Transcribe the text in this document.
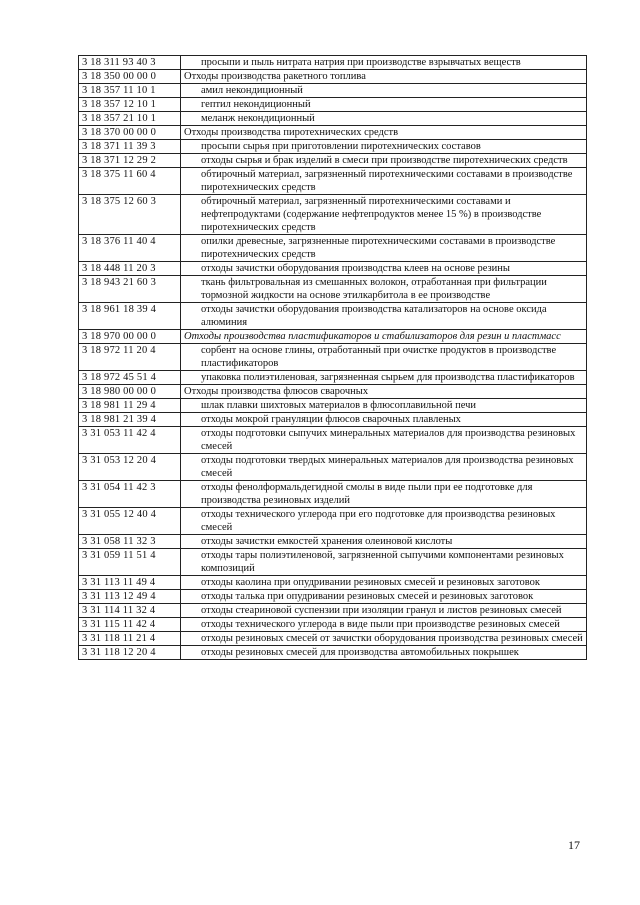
3 18 311 93 40 3	просыпи и пыль нитрата натрия при производстве взрывчатых веществ
3 18 350 00 00 0	Отходы производства ракетного топлива
3 18 357 11 10 1	амил некондиционный
3 18 357 12 10 1	гептил некондиционный
3 18 357 21 10 1	меланж некондиционный
3 18 370 00 00 0	Отходы производства пиротехнических средств
3 18 371 11 39 3	просыпи сырья при приготовлении пиротехнических составов
3 18 371 12 29 2	отходы сырья и брак изделий в смеси при производстве пиротехнических средств
3 18 375 11 60 4	обтирочный материал, загрязненный пиротехническими составами в производстве пиротехнических средств
3 18 375 12 60 3	обтирочный материал, загрязненный пиротехническими составами и нефтепродуктами (содержание нефтепродуктов менее 15 %) в производстве пиротехнических средств
3 18 376 11 40 4	опилки древесные, загрязненные пиротехническими составами в производстве пиротехнических средств
3 18 448 11 20 3	отходы зачистки оборудования производства клеев на основе резины
3 18 943 21 60 3	ткань фильтровальная из смешанных волокон, отработанная при фильтрации тормозной жидкости на основе этилкарбитола в ее производстве
3 18 961 18 39 4	отходы зачистки оборудования производства катализаторов на основе оксида алюминия
3 18 970 00 00 0	Отходы производства пластификаторов и стабилизаторов для резин и пластмасс
3 18 972 11 20 4	сорбент на основе глины, отработанный при очистке продуктов в производстве пластификаторов
3 18 972 45 51 4	упаковка полиэтиленовая, загрязненная сырьем для производства пластификаторов
3 18 980 00 00 0	Отходы производства флюсов сварочных
3 18 981 11 29 4	шлак плавки шихтовых материалов в флюсоплавильной печи
3 18 981 21 39 4	отходы мокрой грануляции флюсов сварочных плавленых
3 31 053 11 42 4	отходы подготовки сыпучих минеральных материалов для производства резиновых смесей
3 31 053 12 20 4	отходы подготовки твердых минеральных материалов для производства резиновых смесей
3 31 054 11 42 3	отходы фенолформальдегидной смолы в виде пыли при ее подготовке для производства резиновых изделий
3 31 055 12 40 4	отходы технического углерода при его подготовке для производства резиновых смесей
3 31 058 11 32 3	отходы зачистки емкостей хранения олеиновой кислоты
3 31 059 11 51 4	отходы тары полиэтиленовой, загрязненной сыпучими компонентами резиновых композиций
3 31 113 11 49 4	отходы каолина при опудривании резиновых смесей и резиновых заготовок
3 31 113 12 49 4	отходы талька при опудривании резиновых смесей и резиновых заготовок
3 31 114 11 32 4	отходы стеариновой суспензии при изоляции гранул и листов резиновых смесей
3 31 115 11 42 4	отходы технического углерода в виде пыли при производстве резиновых смесей
3 31 118 11 21 4	отходы резиновых смесей от зачистки оборудования производства резиновых смесей
3 31 118 12 20 4	отходы резиновых смесей для производства автомобильных покрышек
17
